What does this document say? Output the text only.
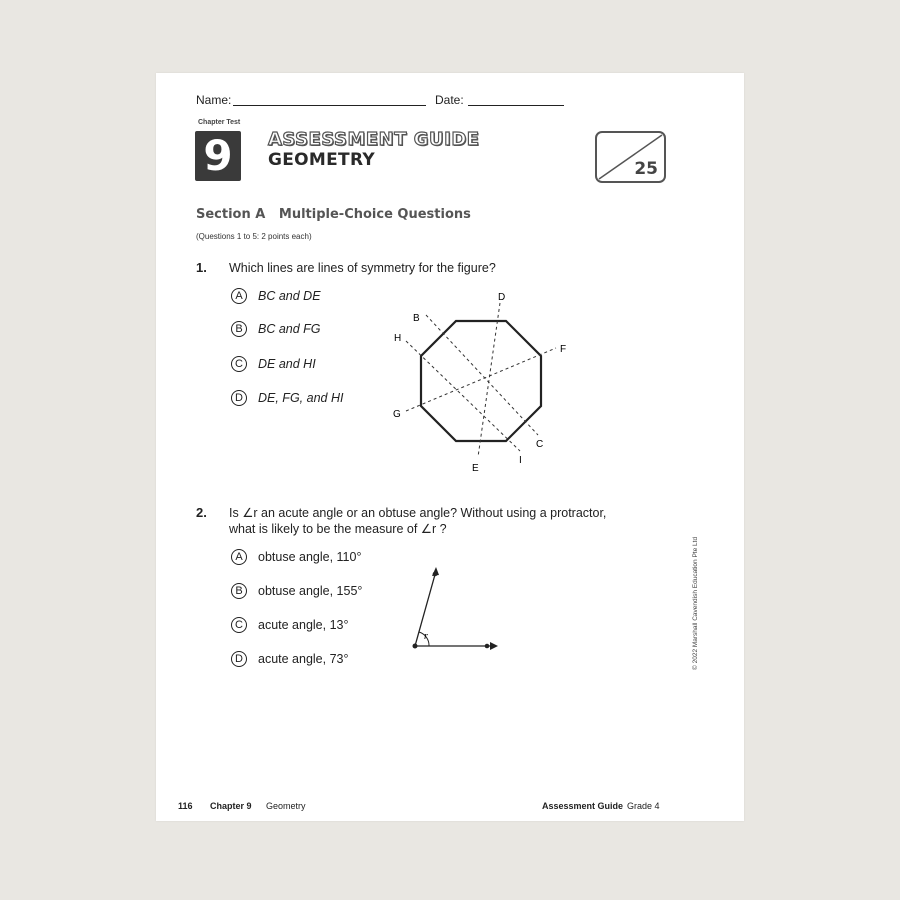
Name:	Date:
Chapter Test
9 ASSESSMENT GUIDE
GEOMETRY	25
Section A   Multiple-Choice Questions
(Questions 1 to 5: 2 points each)
1. Which lines are lines of symmetry for the figure?
A	BC and DE
B	BC and FG
C	DE and HI
D	DE, FG, and HI
D
B
H
F
G
C
E
I
2. Is ∠r an acute angle or an obtuse angle? Without using a protractor,
what is likely to be the measure of ∠r ?
A	obtuse angle, 110°
B	obtuse angle, 155°
C	acute angle, 13°
D	acute angle, 73°
r	© 2022 Marshall Cavendish Education Pte Ltd
116 Chapter 9 Geometry	Assessment Guide Grade 4
